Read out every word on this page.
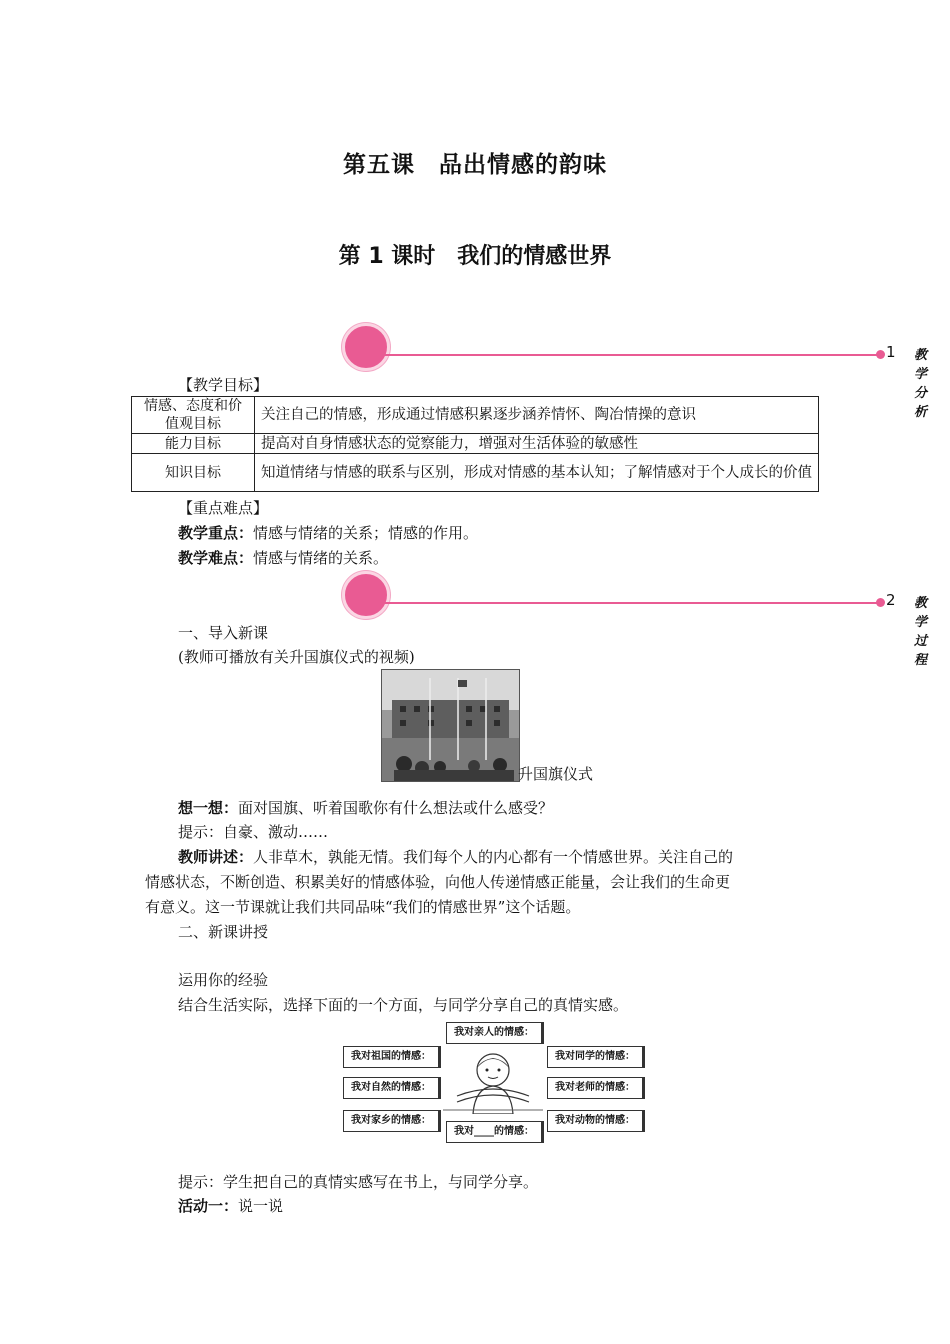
第五课　品出情感的韵味
第 1 课时　我们的情感世界
1 教学分析
【教学目标】
情感、态度和价值观目标	关注自己的情感，形成通过情感积累逐步涵养情怀、陶冶情操的意识
能力目标	提高对自身情感状态的觉察能力，增强对生活体验的敏感性
知识目标	知道情绪与情感的联系与区别，形成对情感的基本认知；了解情感对于个人成长的价值
【重点难点】
教学重点：情感与情绪的关系；情感的作用。
教学难点：情感与情绪的关系。
2 教学过程
一、导入新课
(教师可播放有关升国旗仪式的视频)
升国旗仪式
想一想：面对国旗、听着国歌你有什么想法或什么感受？
提示：自豪、激动……
教师讲述：人非草木，孰能无情。我们每个人的内心都有一个情感世界。关注自己的
情感状态，不断创造、积累美好的情感体验，向他人传递情感正能量，会让我们的生命更
有意义。这一节课就让我们共同品味“我们的情感世界”这个话题。
二、新课讲授
运用你的经验
结合生活实际，选择下面的一个方面，与同学分享自己的真情实感。
我对亲人的情感：
我对祖国的情感：
我对自然的情感：
我对家乡的情感：
我对同学的情感：
我对老师的情感：
我对动物的情感：
我对____的情感：
提示：学生把自己的真情实感写在书上，与同学分享。
活动一：说一说
